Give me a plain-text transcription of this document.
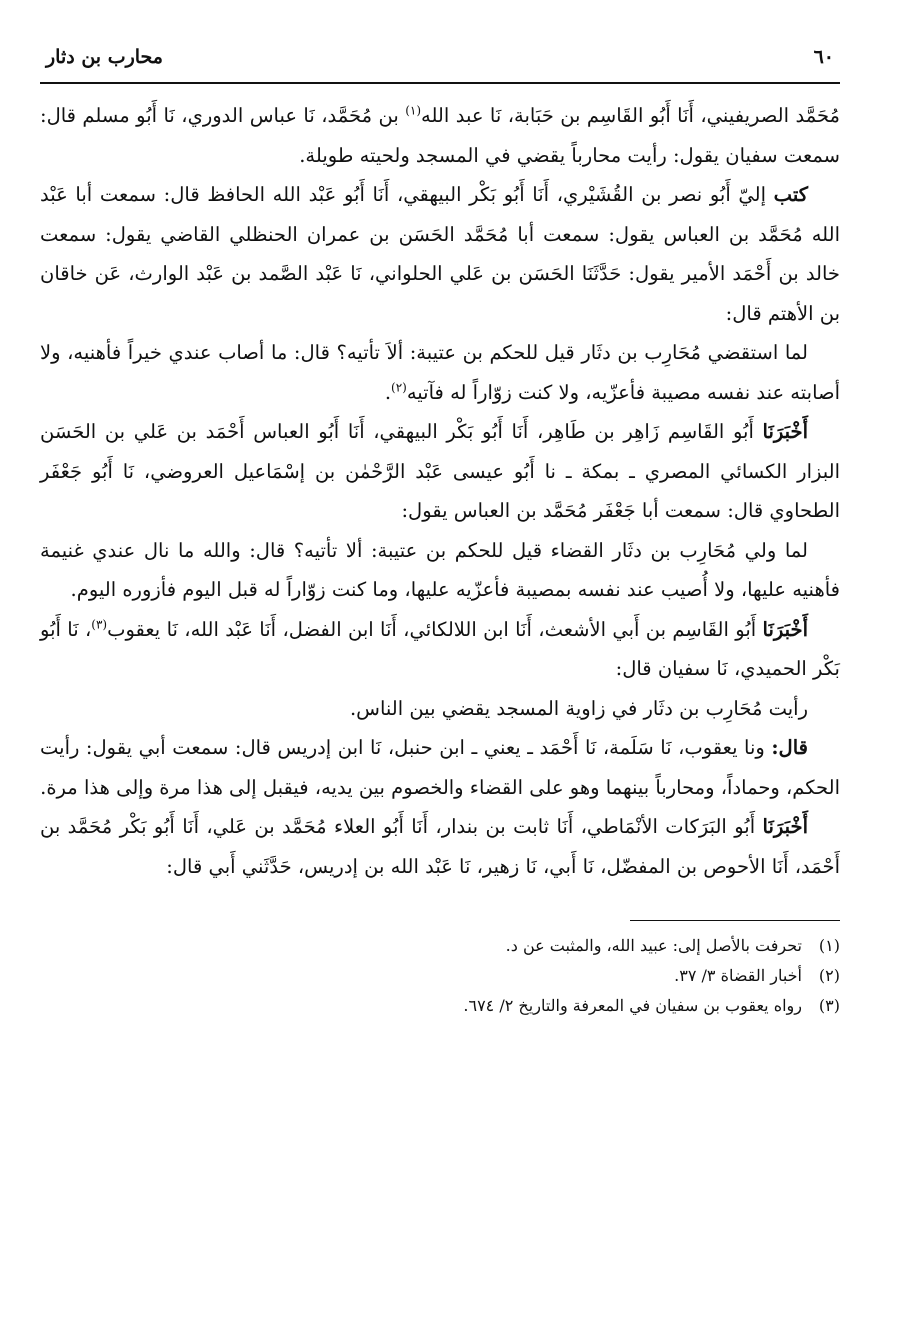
٦٠
محارب بن دثار

مُحَمَّد الصريفيني، أَنَا أَبُو القَاسِم بن حَبَابة، نَا عبد الله$^{(١)}$ بن مُحَمَّد، نَا عباس الدوري، نَا أَبُو مسلم قال: سمعت سفيان يقول: رأيت محارباً يقضي في المسجد ولحيته طويلة.

كتب إليّ أَبُو نصر بن القُشَيْري، أَنَا أَبُو بَكْر البيهقي، أَنَا أَبُو عَبْد الله الحافظ قال: سمعت أبا عَبْد الله مُحَمَّد بن العباس يقول: سمعت أبا مُحَمَّد الحَسَن بن عمران الحنظلي القاضي يقول: سمعت خالد بن أَحْمَد الأمير يقول: حَدَّثَنَا الحَسَن بن عَلي الحلواني، نَا عَبْد الصَّمد بن عَبْد الوارث، عَن خاقان بن الأهتم قال:

لما استقضي مُحَارِب بن دثَار قيل للحكم بن عتيبة: ألاَ تأتيه؟ قال: ما أصاب عندي خيراً فأهنيه، ولا أصابته عند نفسه مصيبة فأعزّيه، ولا كنت زوّاراً له فآتيه$^{(٢)}$.

أَخْبَرَنَا أَبُو القَاسِم زَاهِر بن طَاهِر، أَنَا أَبُو بَكْر البيهقي، أَنَا أَبُو العباس أَحْمَد بن عَلي بن الحَسَن البزار الكسائي المصري ـ بمكة ـ نا أَبُو عيسى عَبْد الرَّحْمٰن بن إسْمَاعيل العروضي، نَا أَبُو جَعْفَر الطحاوي قال: سمعت أبا جَعْفَر مُحَمَّد بن العباس يقول:

لما ولي مُحَارِب بن دثَار القضاء قيل للحكم بن عتيبة: ألا تأتيه؟ قال: والله ما نال عندي غنيمة فأهنيه عليها، ولا أُصيب عند نفسه بمصيبة فأعزّيه عليها، وما كنت زوّاراً له قبل اليوم فأزوره اليوم.

أَخْبَرَنَا أَبُو القَاسِم بن أَبي الأشعث، أَنَا ابن اللالكائي، أَنَا ابن الفضل، أَنَا عَبْد الله، نَا يعقوب$^{(٣)}$، نَا أَبُو بَكْر الحميدي، نَا سفيان قال:

رأيت مُحَارِب بن دثَار في زاوية المسجد يقضي بين الناس.

قال: ونا يعقوب، نَا سَلَمة، نَا أَحْمَد ـ يعني ـ ابن حنبل، نَا ابن إدريس قال: سمعت أبي يقول: رأيت الحكم، وحماداً، ومحارباً بينهما وهو على القضاء والخصوم بين يديه، فيقبل إلى هذا مرة وإلى هذا مرة.

أَخْبَرَنَا أَبُو البَرَكات الأنْمَاطي، أَنَا ثابت بن بندار، أَنَا أَبُو العلاء مُحَمَّد بن عَلي، أَنَا أَبُو بَكْر مُحَمَّد بن أَحْمَد، أَنَا الأحوص بن المفضّل، نَا أَبي، نَا زهير، نَا عَبْد الله بن إدريس، حَدَّثَني أَبي قال:

(١)
تحرفت بالأصل إلى: عبيد الله، والمثبت عن د.
(٢)
أخبار القضاة ٣/ ٣٧.
(٣)
رواه يعقوب بن سفيان في المعرفة والتاريخ ٢/ ٦٧٤.
